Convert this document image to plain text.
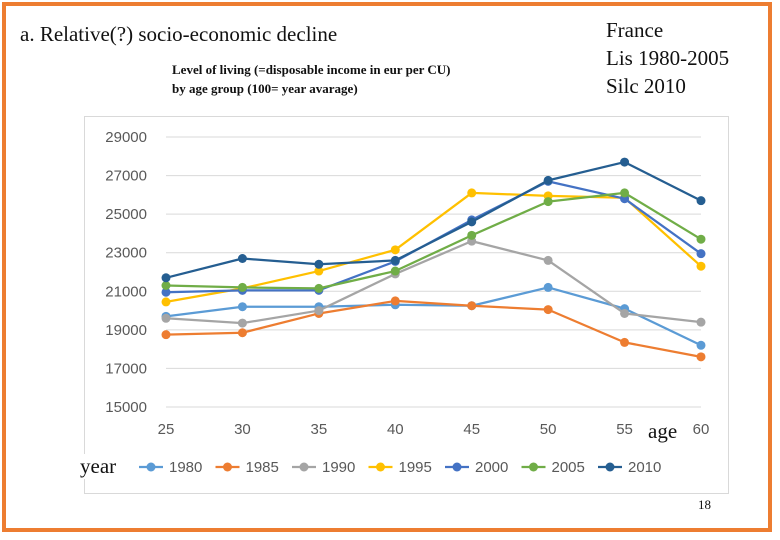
a. Relative(?) socio-economic decline
Level of living (=disposable income in eur per CU)
by age group (100= year avarage)
France
Lis 1980-2005
Silc 2010
15000
17000
19000
21000
23000
25000
27000
29000
25	30	35	40	45	50	55	60
1980	1985	1990	1995	2000	2005	2010
age
year
18
